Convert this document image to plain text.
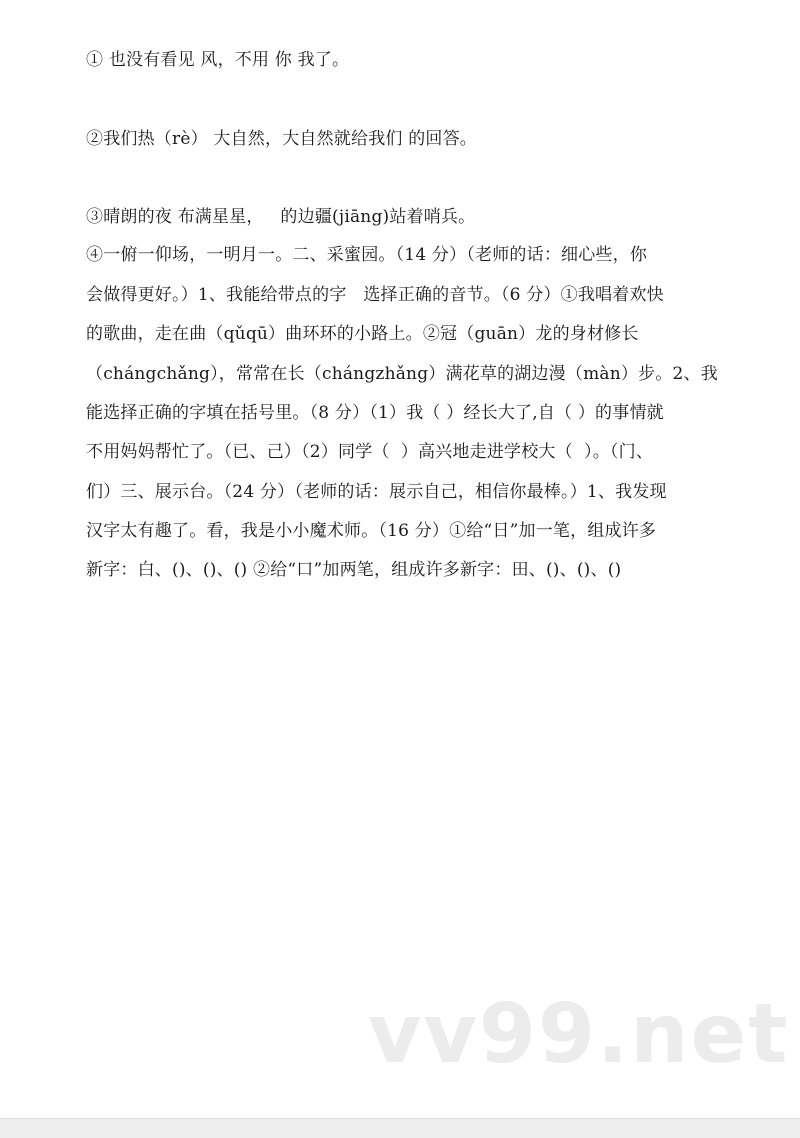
① 也没有看见 风，不用 你 我了。
②我们热（rè） 大自然，大自然就给我们 的回答。
③晴朗的夜 布满星星，   的边疆(jiāng)站着哨兵。
④一俯一仰场，一明月一。二、采蜜园。（14 分）（老师的话：细心些，你
会做得更好。）1、我能给带点的字   选择正确的音节。（6 分）①我唱着欢快
的歌曲，走在曲（qǔqū）曲环环的小路上。②冠（guān）龙的身材修长
（chángchǎng），常常在长（chángzhǎng）满花草的湖边漫（màn）步。2、我
能选择正确的字填在括号里。（8 分）（1）我（ ）经长大了,自（ ）的事情就
不用妈妈帮忙了。（已、己）（2）同学（  ）高兴地走进学校大（  ）。（门、
们）三、展示台。（24 分）（老师的话：展示自己，相信你最棒。）1、我发现
汉字太有趣了。看，我是小小魔术师。（16 分）①给“日”加一笔，组成许多
新字：白、()、()、() ②给“口”加两笔，组成许多新字：田、()、()、()
vv99.net
